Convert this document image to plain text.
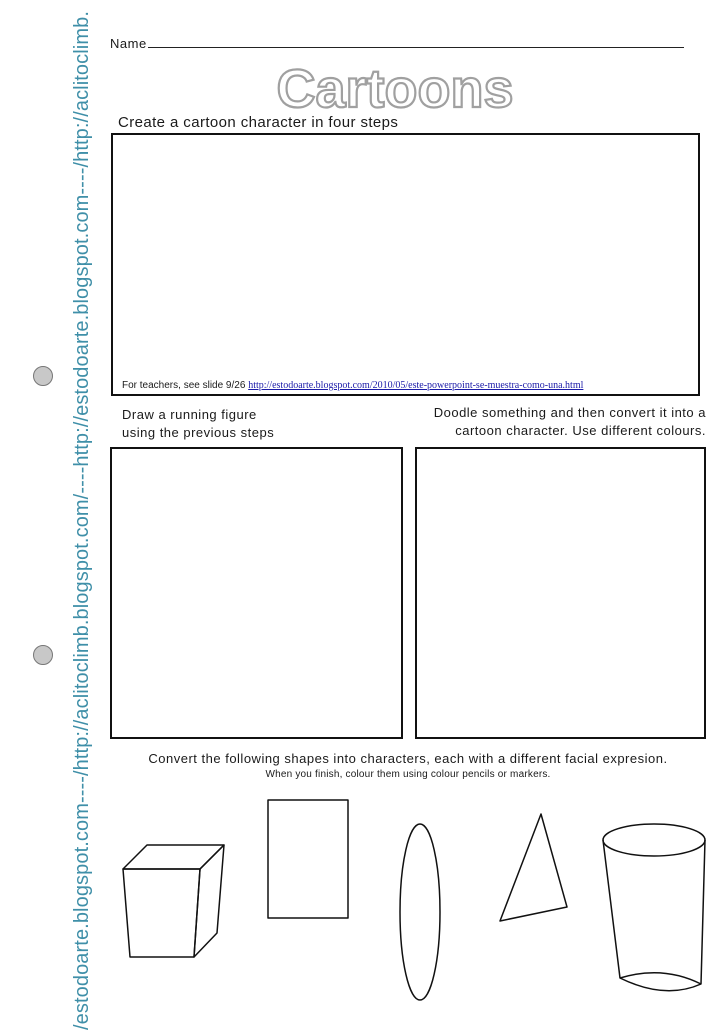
/estodoarte.blogspot.com----/http://aclitoclimb.blogspot.com/----http://estodoarte.blogspot.com----/http://aclitoclimb.	Name
Cartoons
Create a cartoon character in four steps
For teachers, see slide 9/26 http://estodoarte.blogspot.com/2010/05/este-powerpoint-se-muestra-como-una.html
Draw a running figure
using the previous steps
Doodle something and then convert it into a
cartoon character. Use different colours.
Convert the following shapes into characters, each with a different facial expresion.
When you finish, colour them using colour pencils or markers.
